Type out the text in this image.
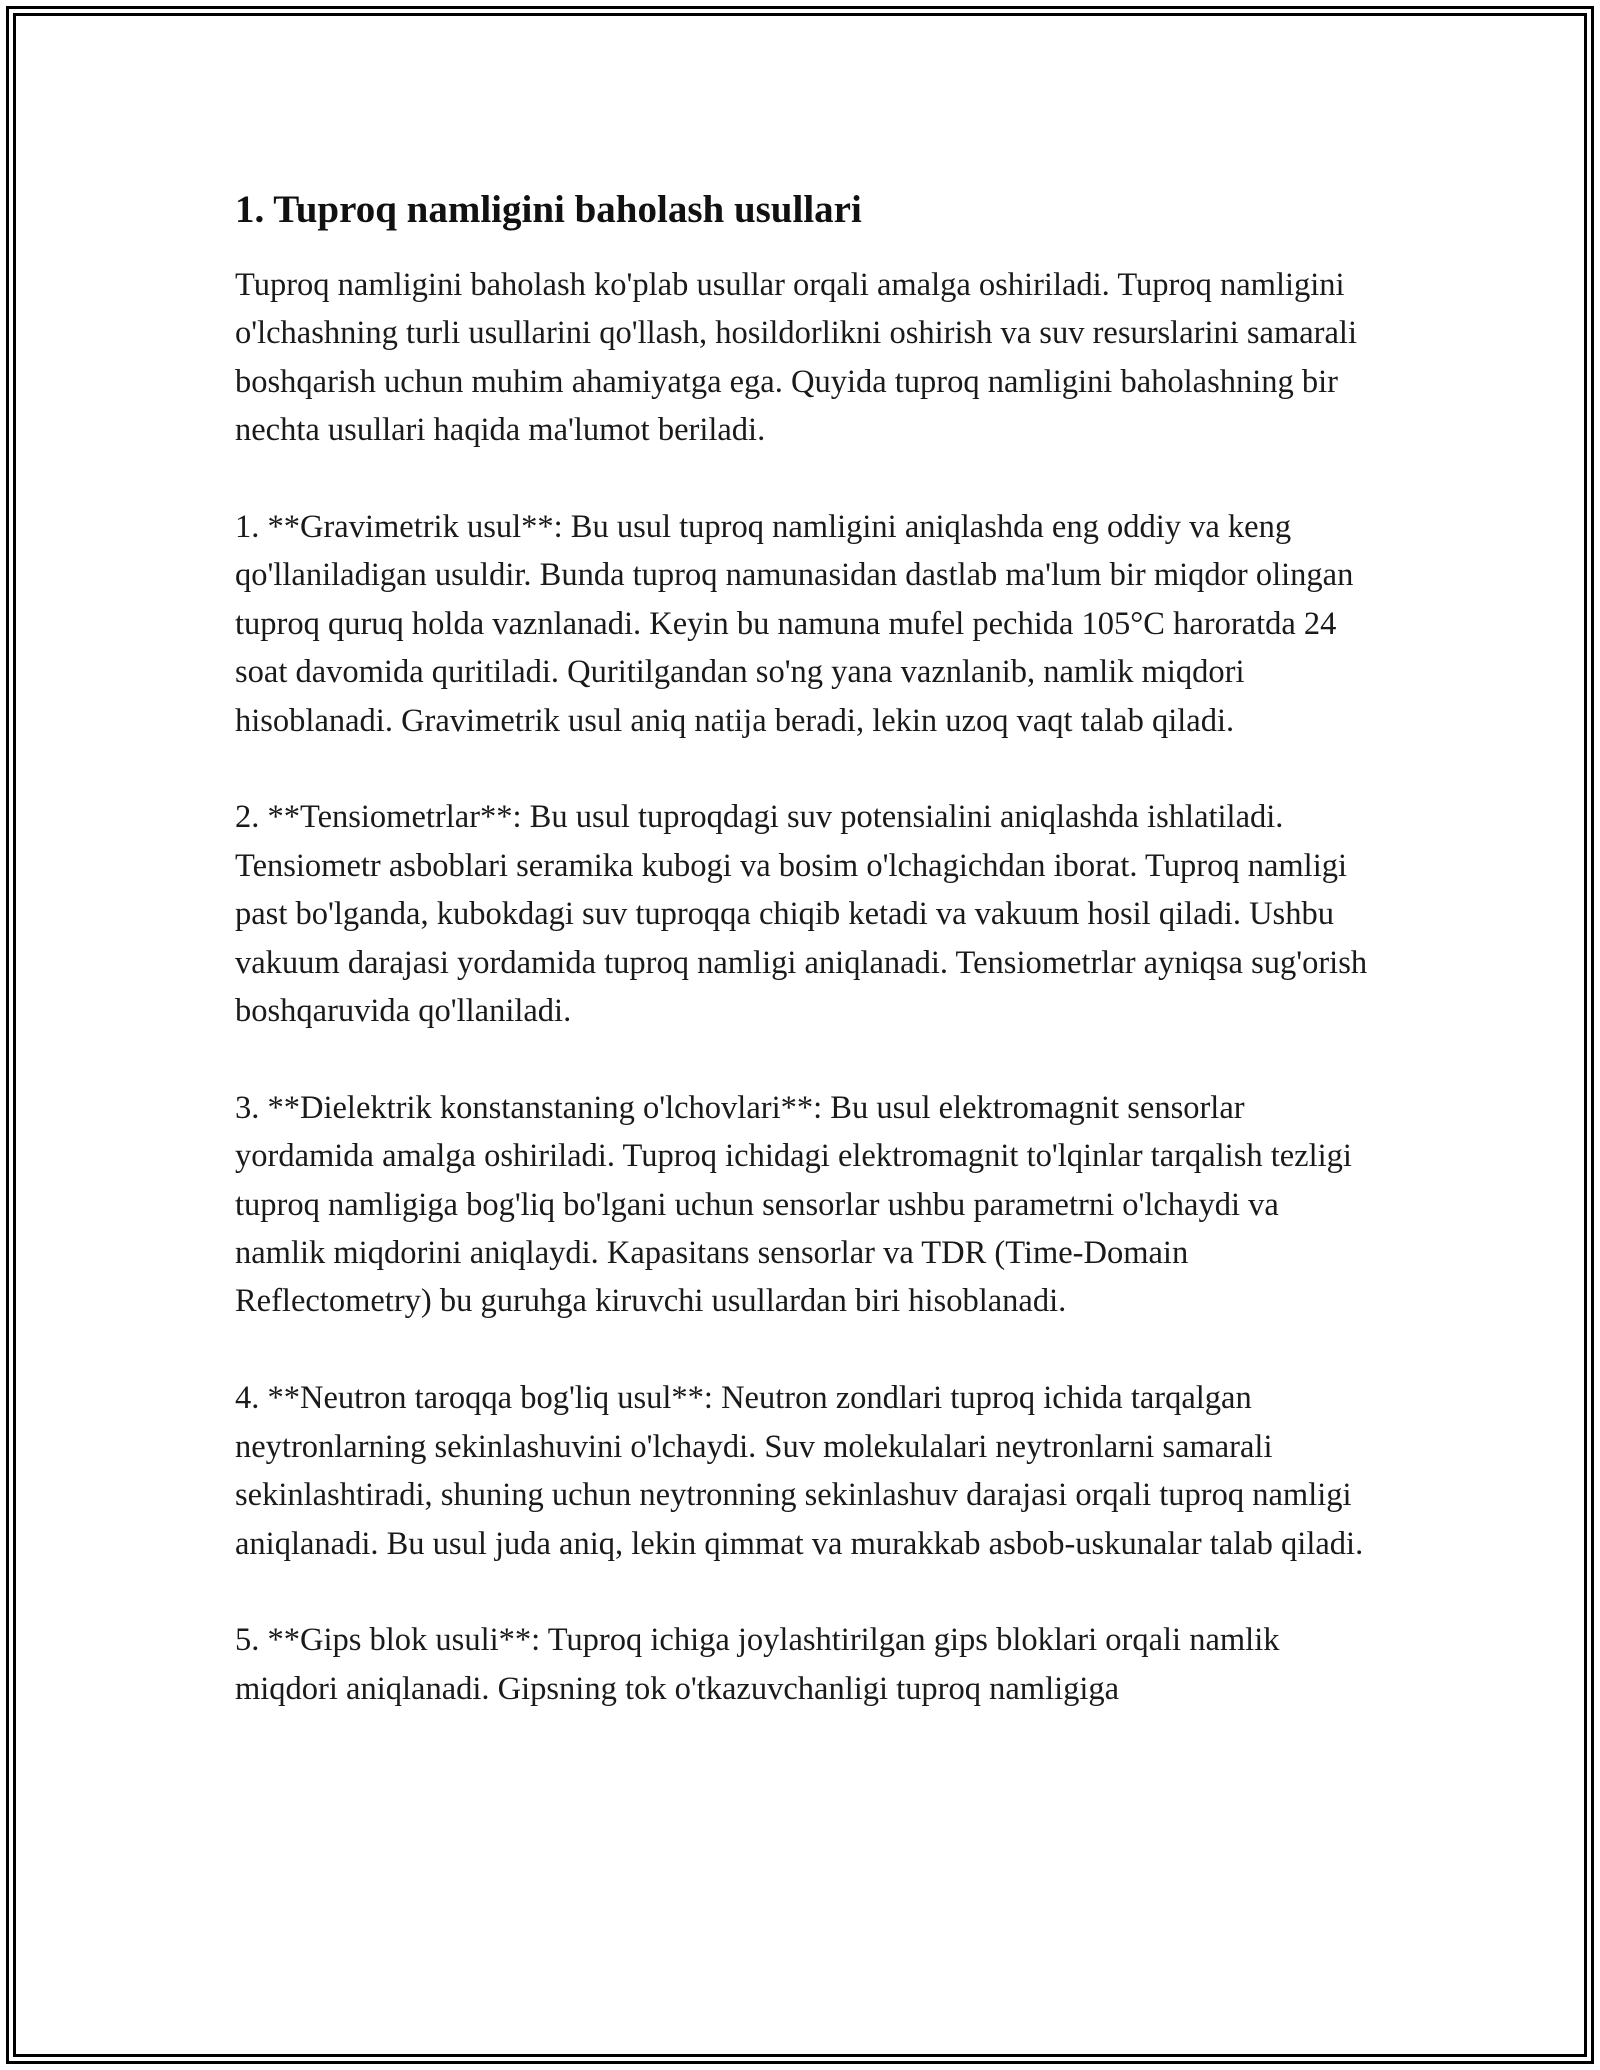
1. Tuproq namligini baholash usullari

Tuproq namligini baholash ko'plab usullar orqali amalga oshiriladi. Tuproq namligini o'lchashning turli usullarini qo'llash, hosildorlikni oshirish va suv resurslarini samarali boshqarish uchun muhim ahamiyatga ega. Quyida tuproq namligini baholashning bir nechta usullari haqida ma'lumot beriladi.

1. **Gravimetrik usul**: Bu usul tuproq namligini aniqlashda eng oddiy va keng qo'llaniladigan usuldir. Bunda tuproq namunasidan dastlab ma'lum bir miqdor olingan tuproq quruq holda vaznlanadi. Keyin bu namuna mufel pechida 105°C haroratda 24 soat davomida quritiladi. Quritilgandan so'ng yana vaznlanib, namlik miqdori hisoblanadi. Gravimetrik usul aniq natija beradi, lekin uzoq vaqt talab qiladi.

2. **Tensiometrlar**: Bu usul tuproqdagi suv potensialini aniqlashda ishlatiladi. Tensiometr asboblari seramika kubogi va bosim o'lchagichdan iborat. Tuproq namligi past bo'lganda, kubokdagi suv tuproqqa chiqib ketadi va vakuum hosil qiladi. Ushbu vakuum darajasi yordamida tuproq namligi aniqlanadi. Tensiometrlar ayniqsa sug'orish boshqaruvida qo'llaniladi.

3. **Dielektrik konstanstaning o'lchovlari**: Bu usul elektromagnit sensorlar yordamida amalga oshiriladi. Tuproq ichidagi elektromagnit to'lqinlar tarqalish tezligi tuproq namligiga bog'liq bo'lgani uchun sensorlar ushbu parametrni o'lchaydi va namlik miqdorini aniqlaydi. Kapasitans sensorlar va TDR (Time-Domain Reflectometry) bu guruhga kiruvchi usullardan biri hisoblanadi.

4. **Neutron taroqqa bog'liq usul**: Neutron zondlari tuproq ichida tarqalgan neytronlarning sekinlashuvini o'lchaydi. Suv molekulalari neytronlarni samarali sekinlashtiradi, shuning uchun neytronning sekinlashuv darajasi orqali tuproq namligi aniqlanadi. Bu usul juda aniq, lekin qimmat va murakkab asbob-uskunalar talab qiladi.

5. **Gips blok usuli**: Tuproq ichiga joylashtirilgan gips bloklari orqali namlik miqdori aniqlanadi. Gipsning tok o'tkazuvchanligi tuproq namligiga
